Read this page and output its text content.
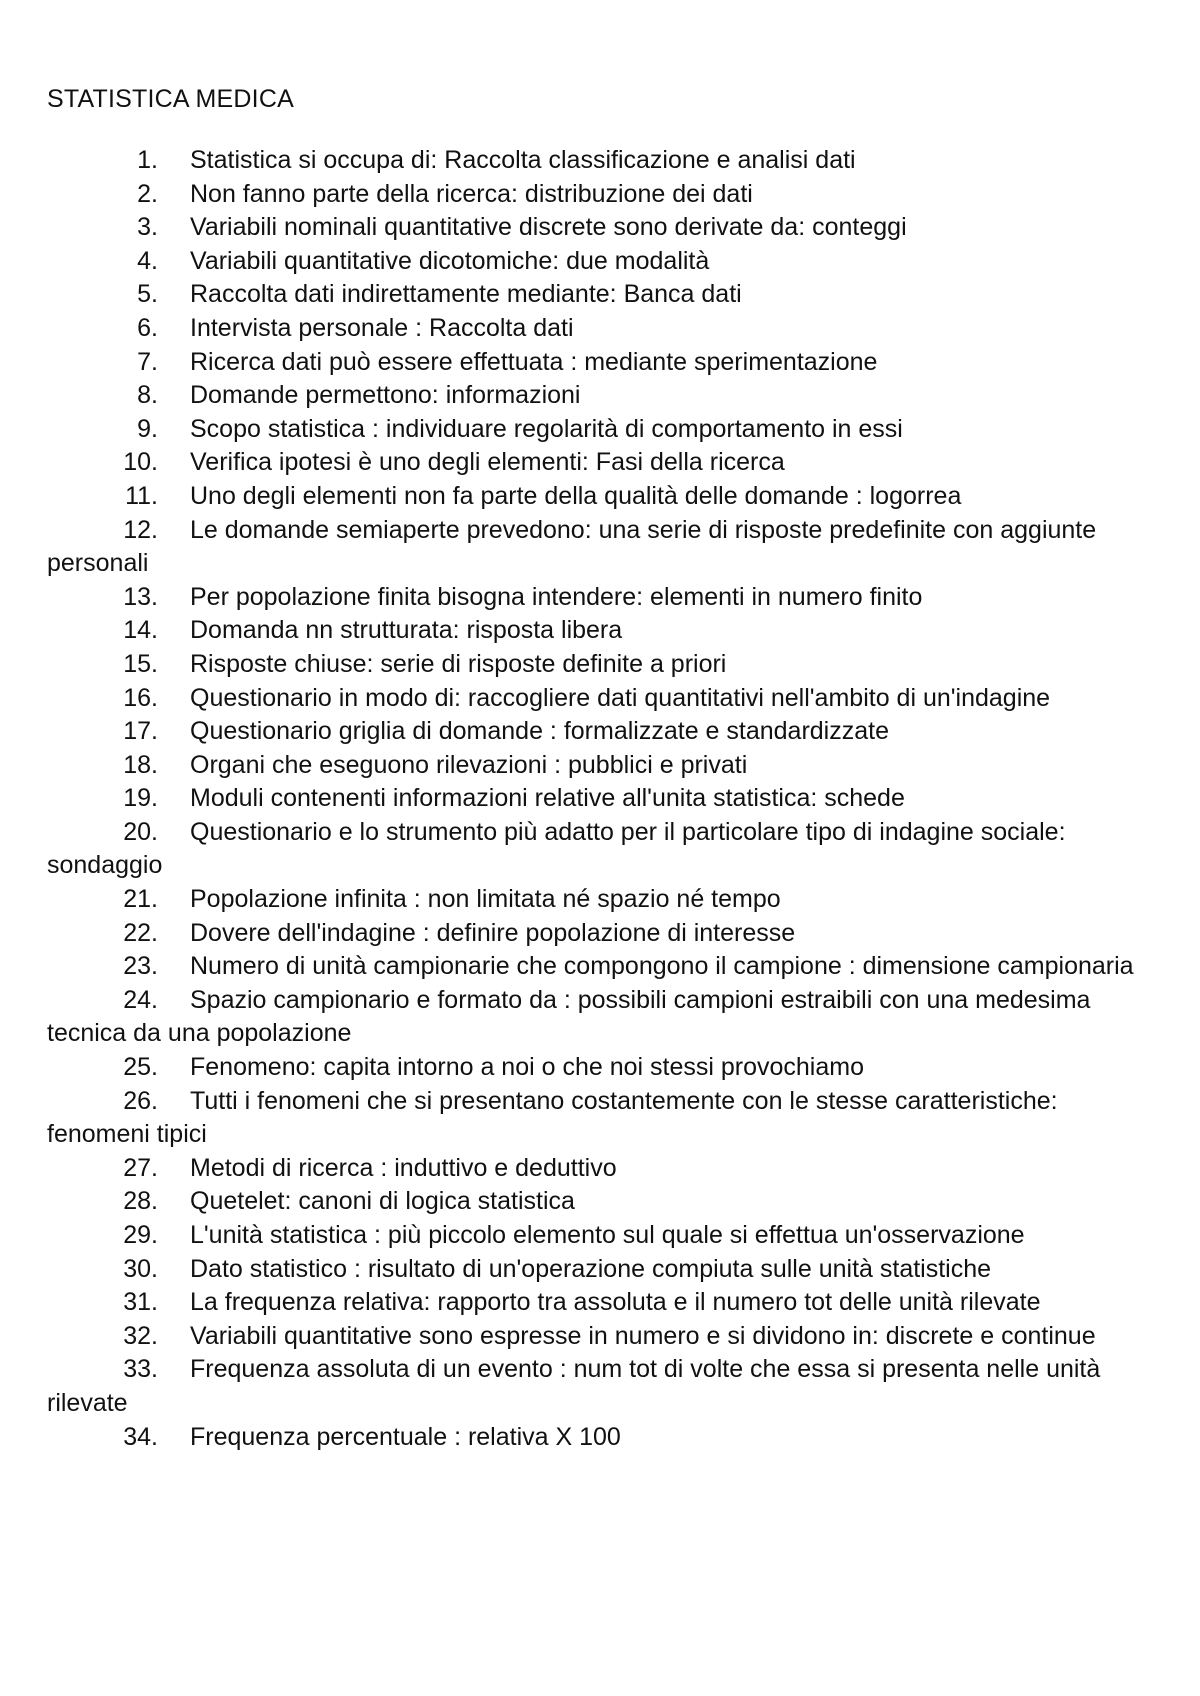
STATISTICA MEDICA
1. Statistica si occupa di: Raccolta classificazione e analisi dati
2. Non fanno parte della ricerca: distribuzione dei dati
3. Variabili nominali quantitative discrete sono derivate da: conteggi
4. Variabili quantitative dicotomiche: due modalità
5. Raccolta dati indirettamente mediante: Banca dati
6. Intervista personale : Raccolta dati
7. Ricerca dati può essere effettuata : mediante sperimentazione
8. Domande permettono: informazioni
9. Scopo statistica : individuare regolarità di comportamento in essi
10. Verifica ipotesi è uno degli elementi: Fasi della ricerca
11. Uno degli elementi non fa parte della qualità delle domande : logorrea
12. Le domande semiaperte prevedono: una serie di risposte predefinite con aggiunte personali
13. Per popolazione finita bisogna intendere: elementi in numero finito
14. Domanda nn strutturata: risposta libera
15. Risposte chiuse: serie di risposte definite a priori
16. Questionario in modo di: raccogliere dati quantitativi nell'ambito di un'indagine
17. Questionario griglia di domande : formalizzate e standardizzate
18. Organi che eseguono rilevazioni : pubblici e privati
19. Moduli contenenti informazioni relative all'unita statistica: schede
20. Questionario e lo strumento più adatto per il particolare tipo di indagine sociale: sondaggio
21. Popolazione infinita : non limitata né spazio né tempo
22. Dovere dell'indagine : definire popolazione di interesse
23. Numero di unità campionarie che compongono il campione : dimensione campionaria
24. Spazio campionario e formato da : possibili campioni estraibili con una medesima tecnica da una popolazione
25. Fenomeno: capita intorno a noi o che noi stessi provochiamo
26. Tutti i fenomeni che si presentano costantemente con le stesse caratteristiche: fenomeni tipici
27. Metodi di ricerca : induttivo e deduttivo
28. Quetelet: canoni di logica statistica
29. L'unità statistica : più piccolo elemento sul quale si effettua un'osservazione
30. Dato statistico : risultato di un'operazione compiuta sulle unità statistiche
31. La frequenza relativa: rapporto tra assoluta e il numero tot delle unità rilevate
32. Variabili quantitative sono espresse in numero e si dividono in: discrete e continue
33. Frequenza assoluta di un evento : num tot di volte che essa si presenta nelle unità rilevate
34. Frequenza percentuale : relativa X 100
